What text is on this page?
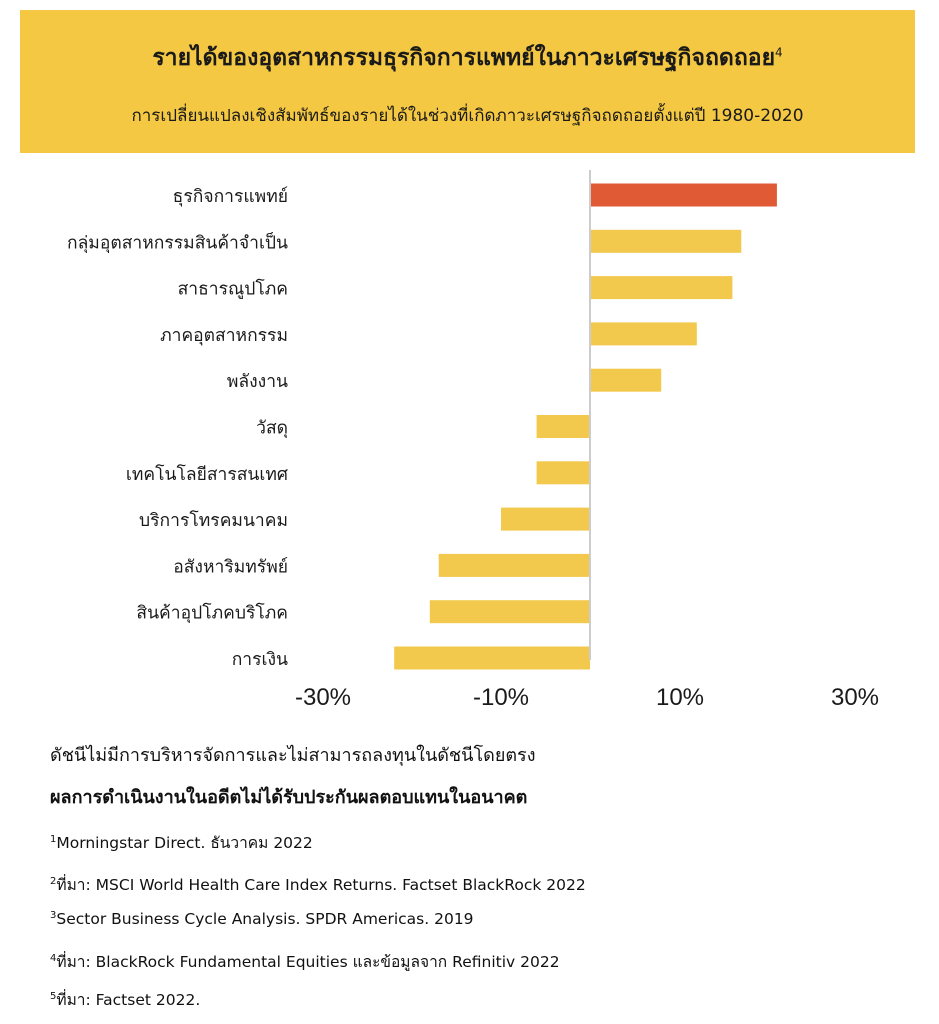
รายได้ของอุตสาหกรรมธุรกิจการแพทย์ในภาวะเศรษฐกิจถดถอย$^4$
การเปลี่ยนแปลงเชิงสัมพัทธ์ของรายได้ในช่วงที่เกิดภาวะเศรษฐกิจถดถอยตั้งแต่ปี 1980-2020
ธุรกิจการแพทย์
กลุ่มอุตสาหกรรมสินค้าจำเป็น
สาธารณูปโภค
ภาคอุตสาหกรรม
พลังงาน
วัสดุ
เทคโนโลยีสารสนเทศ
บริการโทรคมนาคม
อสังหาริมทรัพย์
สินค้าอุปโภคบริโภค
การเงิน
-30%	-10%	10%	30%
ดัชนีไม่มีการบริหารจัดการและไม่สามารถลงทุนในดัชนีโดยตรง
ผลการดำเนินงานในอดีตไม่ได้รับประกันผลตอบแทนในอนาคต
$^1$Morningstar Direct. ธันวาคม 2022
$^2$ที่มา: MSCI World Health Care Index Returns. Factset BlackRock 2022
$^3$Sector Business Cycle Analysis. SPDR Americas. 2019
$^4$ที่มา: BlackRock Fundamental Equities และข้อมูลจาก Refinitiv 2022
$^5$ที่มา: Factset 2022.
